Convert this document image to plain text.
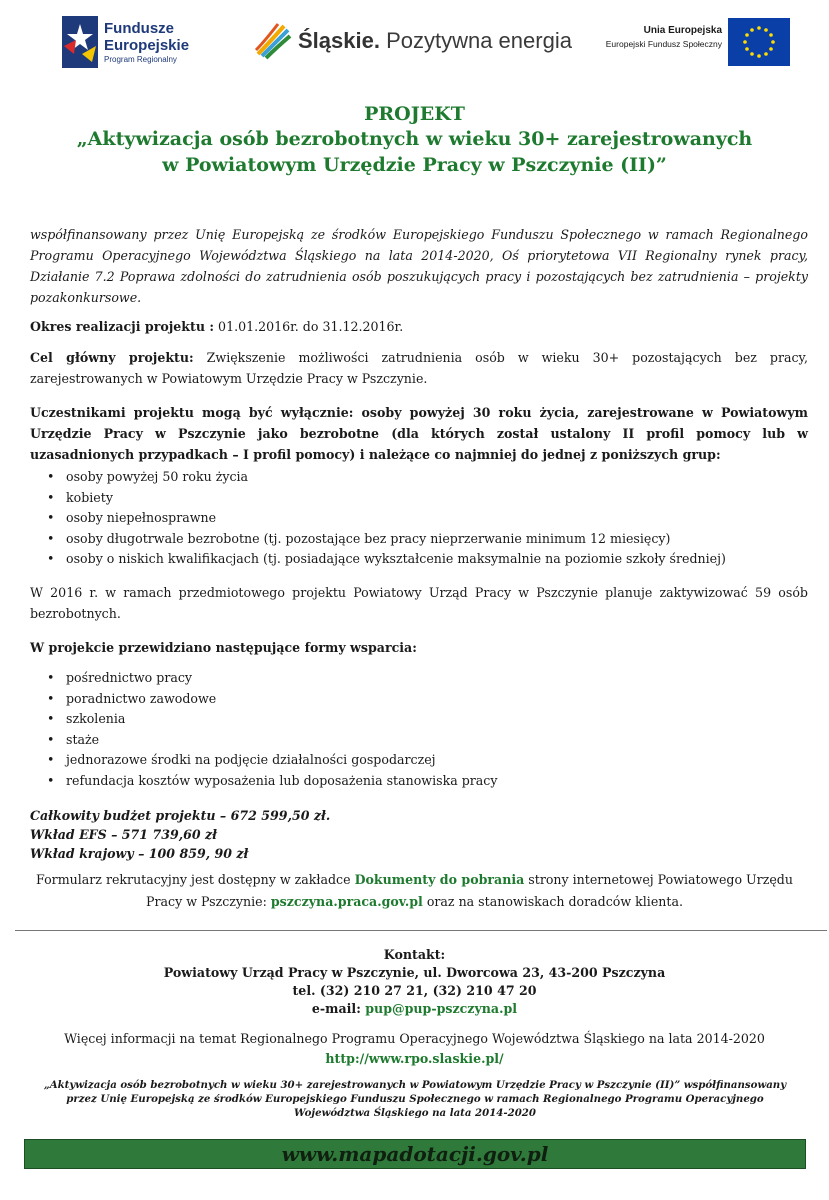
Fundusze
Europejskie
Program Regionalny
Śląskie. Pozytywna energia	Unia Europejska
Europejski Fundusz Społeczny
PROJEKT
„Aktywizacja osób bezrobotnych w wieku 30+ zarejestrowanych
w Powiatowym Urzędzie Pracy w Pszczynie (II)”
współfinansowany przez Unię Europejską ze środków Europejskiego Funduszu Społecznego w ramach Regionalnego Programu Operacyjnego Województwa Śląskiego na lata 2014-2020, Oś priorytetowa VII Regionalny rynek pracy, Działanie 7.2 Poprawa zdolności do zatrudnienia osób poszukujących pracy i pozostających bez zatrudnienia – projekty pozakonkursowe.
Okres realizacji projektu : 01.01.2016r. do 31.12.2016r.
Cel główny projektu: Zwiększenie możliwości zatrudnienia osób w wieku 30+ pozostających bez pracy, zarejestrowanych w Powiatowym Urzędzie Pracy w Pszczynie.
Uczestnikami projektu mogą być wyłącznie: osoby powyżej 30 roku życia, zarejestrowane w Powiatowym Urzędzie Pracy w Pszczynie jako bezrobotne (dla których został ustalony II profil pomocy lub w uzasadnionych przypadkach – I profil pomocy) i należące co najmniej do jednej z poniższych grup:
• osoby powyżej 50 roku życia
• kobiety
• osoby niepełnosprawne
• osoby długotrwale bezrobotne (tj. pozostające bez pracy nieprzerwanie minimum 12 miesięcy)
• osoby o niskich kwalifikacjach (tj. posiadające wykształcenie maksymalnie na poziomie szkoły średniej)
W 2016 r. w ramach przedmiotowego projektu Powiatowy Urząd Pracy w Pszczynie planuje zaktywizować 59 osób bezrobotnych.
W projekcie przewidziano następujące formy wsparcia:
• pośrednictwo pracy
• poradnictwo zawodowe
• szkolenia
• staże
• jednorazowe środki na podjęcie działalności gospodarczej
• refundacja kosztów wyposażenia lub doposażenia stanowiska pracy
Całkowity budżet projektu – 672 599,50 zł.
Wkład EFS – 571 739,60 zł
Wkład krajowy – 100 859, 90 zł
Formularz rekrutacyjny jest dostępny w zakładce Dokumenty do pobrania strony internetowej Powiatowego Urzędu
Pracy w Pszczynie: pszczyna.praca.gov.pl oraz na stanowiskach doradców klienta.
Kontakt:
Powiatowy Urząd Pracy w Pszczynie, ul. Dworcowa 23, 43-200 Pszczyna
tel. (32) 210 27 21, (32) 210 47 20
e-mail: pup@pup-pszczyna.pl
Więcej informacji na temat Regionalnego Programu Operacyjnego Województwa Śląskiego na lata 2014-2020
http://www.rpo.slaskie.pl/
„Aktywizacja osób bezrobotnych w wieku 30+ zarejestrowanych w Powiatowym Urzędzie Pracy w Pszczynie (II)” współfinansowany przez Unię Europejską ze środków Europejskiego Funduszu Społecznego w ramach Regionalnego Programu Operacyjnego Województwa Śląskiego na lata 2014-2020
www.mapadotacji.gov.pl
